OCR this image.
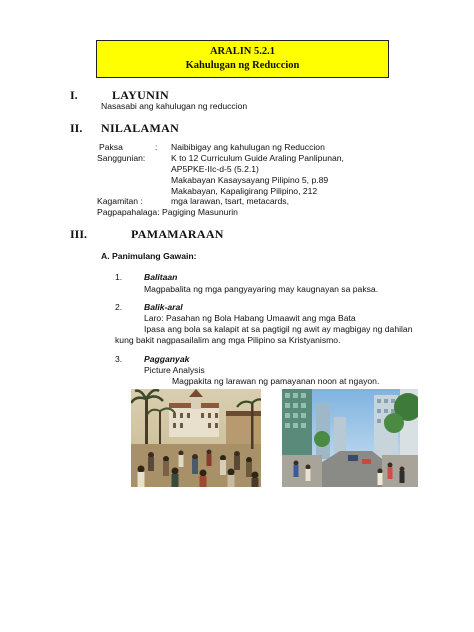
ARALIN 5.2.1
Kahulugan ng Reduccion
I.	LAYUNIN
Nasasabi ang kahulugan ng reduccion
II. NILALAMAN
Paksa	: Naibibigay ang kahulugan ng Reduccion
Sanggunian:	K to 12 Curriculum Guide Araling Panlipunan,
AP5PKE-IIc-d-5 (5.2.1)
Makabayan Kasaysayang Pilipino 5, p.89
Makabayan, Kapaligirang Pilipino, 212
Kagamitan :	mga larawan, tsart, metacards,
Pagpapahalaga: Pagiging Masunurin
III.	PAMAMARAAN
A. Panimulang Gawain:
1.	Balitaan
Magpabalita ng mga pangyayaring may kaugnayan sa paksa.
2.	Balik-aral
Laro: Pasahan ng Bola Habang Umaawit ang mga Bata
Ipasa ang bola sa kalapit at sa pagtigil ng awit ay magbigay ng dahilan
kung bakit nagpasailalim ang mga Pilipino sa Kristyanismo.
3.	Pagganyak
Picture Analysis
Magpakita ng larawan ng pamayanan noon at ngayon.
